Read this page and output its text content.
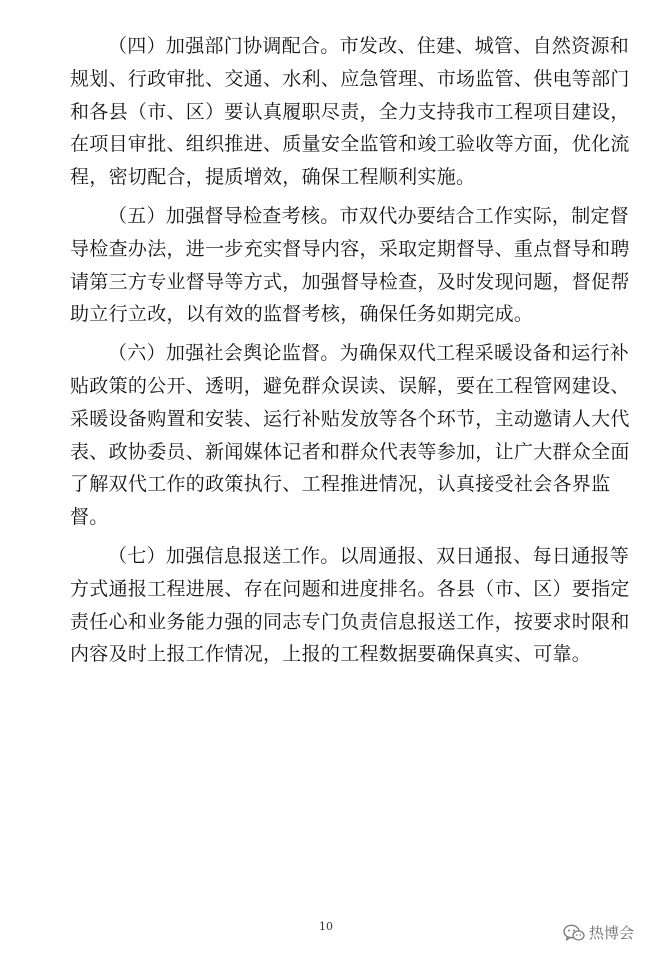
（四）加强部门协调配合。市发改、住建、城管、自然资源和
规划、行政审批、交通、水利、应急管理、市场监管、供电等部门
和各县（市、区）要认真履职尽责，全力支持我市工程项目建设，
在项目审批、组织推进、质量安全监管和竣工验收等方面，优化流
程，密切配合，提质增效，确保工程顺利实施。
（五）加强督导检查考核。市双代办要结合工作实际，制定督
导检查办法，进一步充实督导内容，采取定期督导、重点督导和聘
请第三方专业督导等方式，加强督导检查，及时发现问题，督促帮
助立行立改，以有效的监督考核，确保任务如期完成。
（六）加强社会舆论监督。为确保双代工程采暖设备和运行补
贴政策的公开、透明，避免群众误读、误解，要在工程管网建设、
采暖设备购置和安装、运行补贴发放等各个环节，主动邀请人大代
表、政协委员、新闻媒体记者和群众代表等参加，让广大群众全面
了解双代工作的政策执行、工程推进情况，认真接受社会各界监
督。
（七）加强信息报送工作。以周通报、双日通报、每日通报等
方式通报工程进展、存在问题和进度排名。各县（市、区）要指定
责任心和业务能力强的同志专门负责信息报送工作，按要求时限和
内容及时上报工作情况，上报的工程数据要确保真实、可靠。
10	热博会
